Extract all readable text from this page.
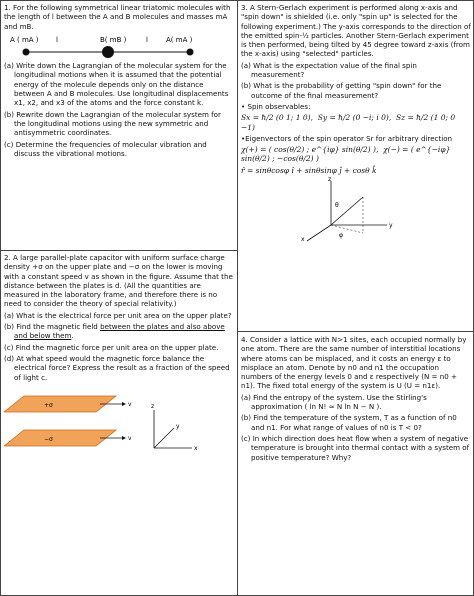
1. For the following symmetrical linear triatomic molecules with the length of l between the A and B molecules and masses mA and mB.

A ( mA ) l	B( mB )	l	A( mA )

(a) Write down the Lagrangian of the molecular system for the longitudinal motions when it is assumed that the potential energy of the molecule depends only on the distance between A and B molecules. Use longitudinal displacements x1, x2, and x3 of the atoms and the force constant k.

(b) Rewrite down the Lagrangian of the molecular system for the longitudinal motions using the new symmetric and antisymmetric coordinates.

(c) Determine the frequencies of molecular vibration and discuss the vibrational motions.

2. A large parallel-plate capacitor with uniform surface charge density +σ on the upper plate and −σ on the lower is moving with a constant speed v as shown in the figure. Assume that the distance between the plates is d. (All the quantities are measured in the laboratory frame, and therefore there is no need to consider the theory of special relativity.)

(a) What is the electrical force per unit area on the upper plate?

(b) Find the magnetic field between the plates and also above and below them.

(c) Find the magnetic force per unit area on the upper plate.

(d) At what speed would the magnetic force balance the electrical force? Express the result as a fraction of the speed of light c.

+σ
−σ
v
v
x
y
z

3. A Stern-Gerlach experiment is performed along x-axis and "spin down" is shielded (i.e. only "spin up" is selected for the following experiment.) The y-axis corresponds to the direction of the emitted spin-½ particles. Another Stern-Gerlach experiment is then performed, being tilted by 45 degree toward z-axis (from the x-axis) using "selected" particles.

(a) What is the expectation value of the final spin measurement?

(b) What is the probability of getting "spin down" for the outcome of the final measurement?

• Spin observables:

Sx = ħ/2 (0 1; 1 0),  Sy = ħ/2 (0 −i; i 0),  Sz = ħ/2 (1 0; 0 −1)

•Eigenvectors of the spin operator Sr for arbitrary direction

χ(+) = ( cos(θ/2) ; e^{iφ} sin(θ/2) ),  χ(−) = ( e^{−iφ} sin(θ/2) ; −cos(θ/2) )

r̂ = sinθcosφ î + sinθsinφ ĵ + cosθ k̂

z
y
x
θ
φ

4. Consider a lattice with N>1 sites, each occupied normally by one atom. There are the same number of interstitial locations where atoms can be misplaced, and it costs an energy ε to misplace an atom. Denote by n0 and n1 the occupation numbers of the energy levels 0 and ε respectively (N = n0 + n1). The fixed total energy of the system is U (U = n1ε).

(a) Find the entropy of the system. Use the Stirling's approximation ( ln N! ≈ N ln N − N ).

(b) Find the temperature of the system, T as a function of n0 and n1. For what range of values of n0 is T < 0?

(c) In which direction does heat flow when a system of negative temperature is brought into thermal contact with a system of positive temperature? Why?
